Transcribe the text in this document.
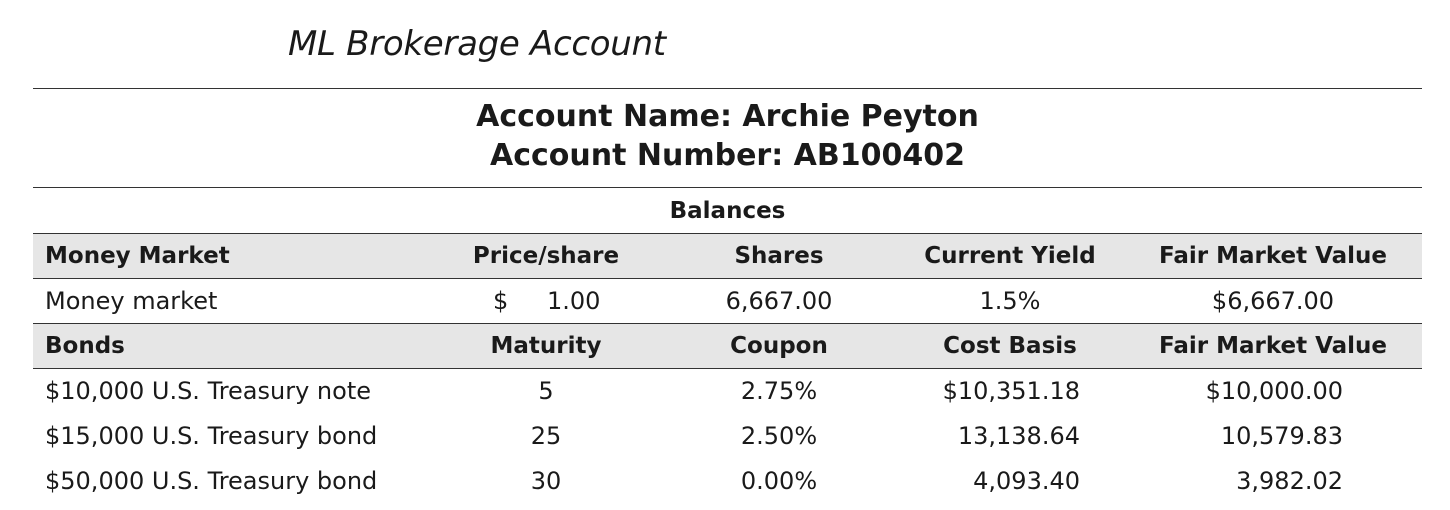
ML Brokerage Account
Account Name: Archie Peyton
Account Number: AB100402
Balances
Money Market	Price/share	Shares	Current Yield	Fair Market Value
Money market	$ 1.00	6,667.00	1.5%	$6,667.00
Bonds	Maturity	Coupon	Cost Basis	Fair Market Value
$10,000 U.S. Treasury note	5	2.75%	$10,351.18	$10,000.00
$15,000 U.S. Treasury bond	25	2.50%	13,138.64	10,579.83
$50,000 U.S. Treasury bond	30	0.00%	4,093.40	3,982.02
